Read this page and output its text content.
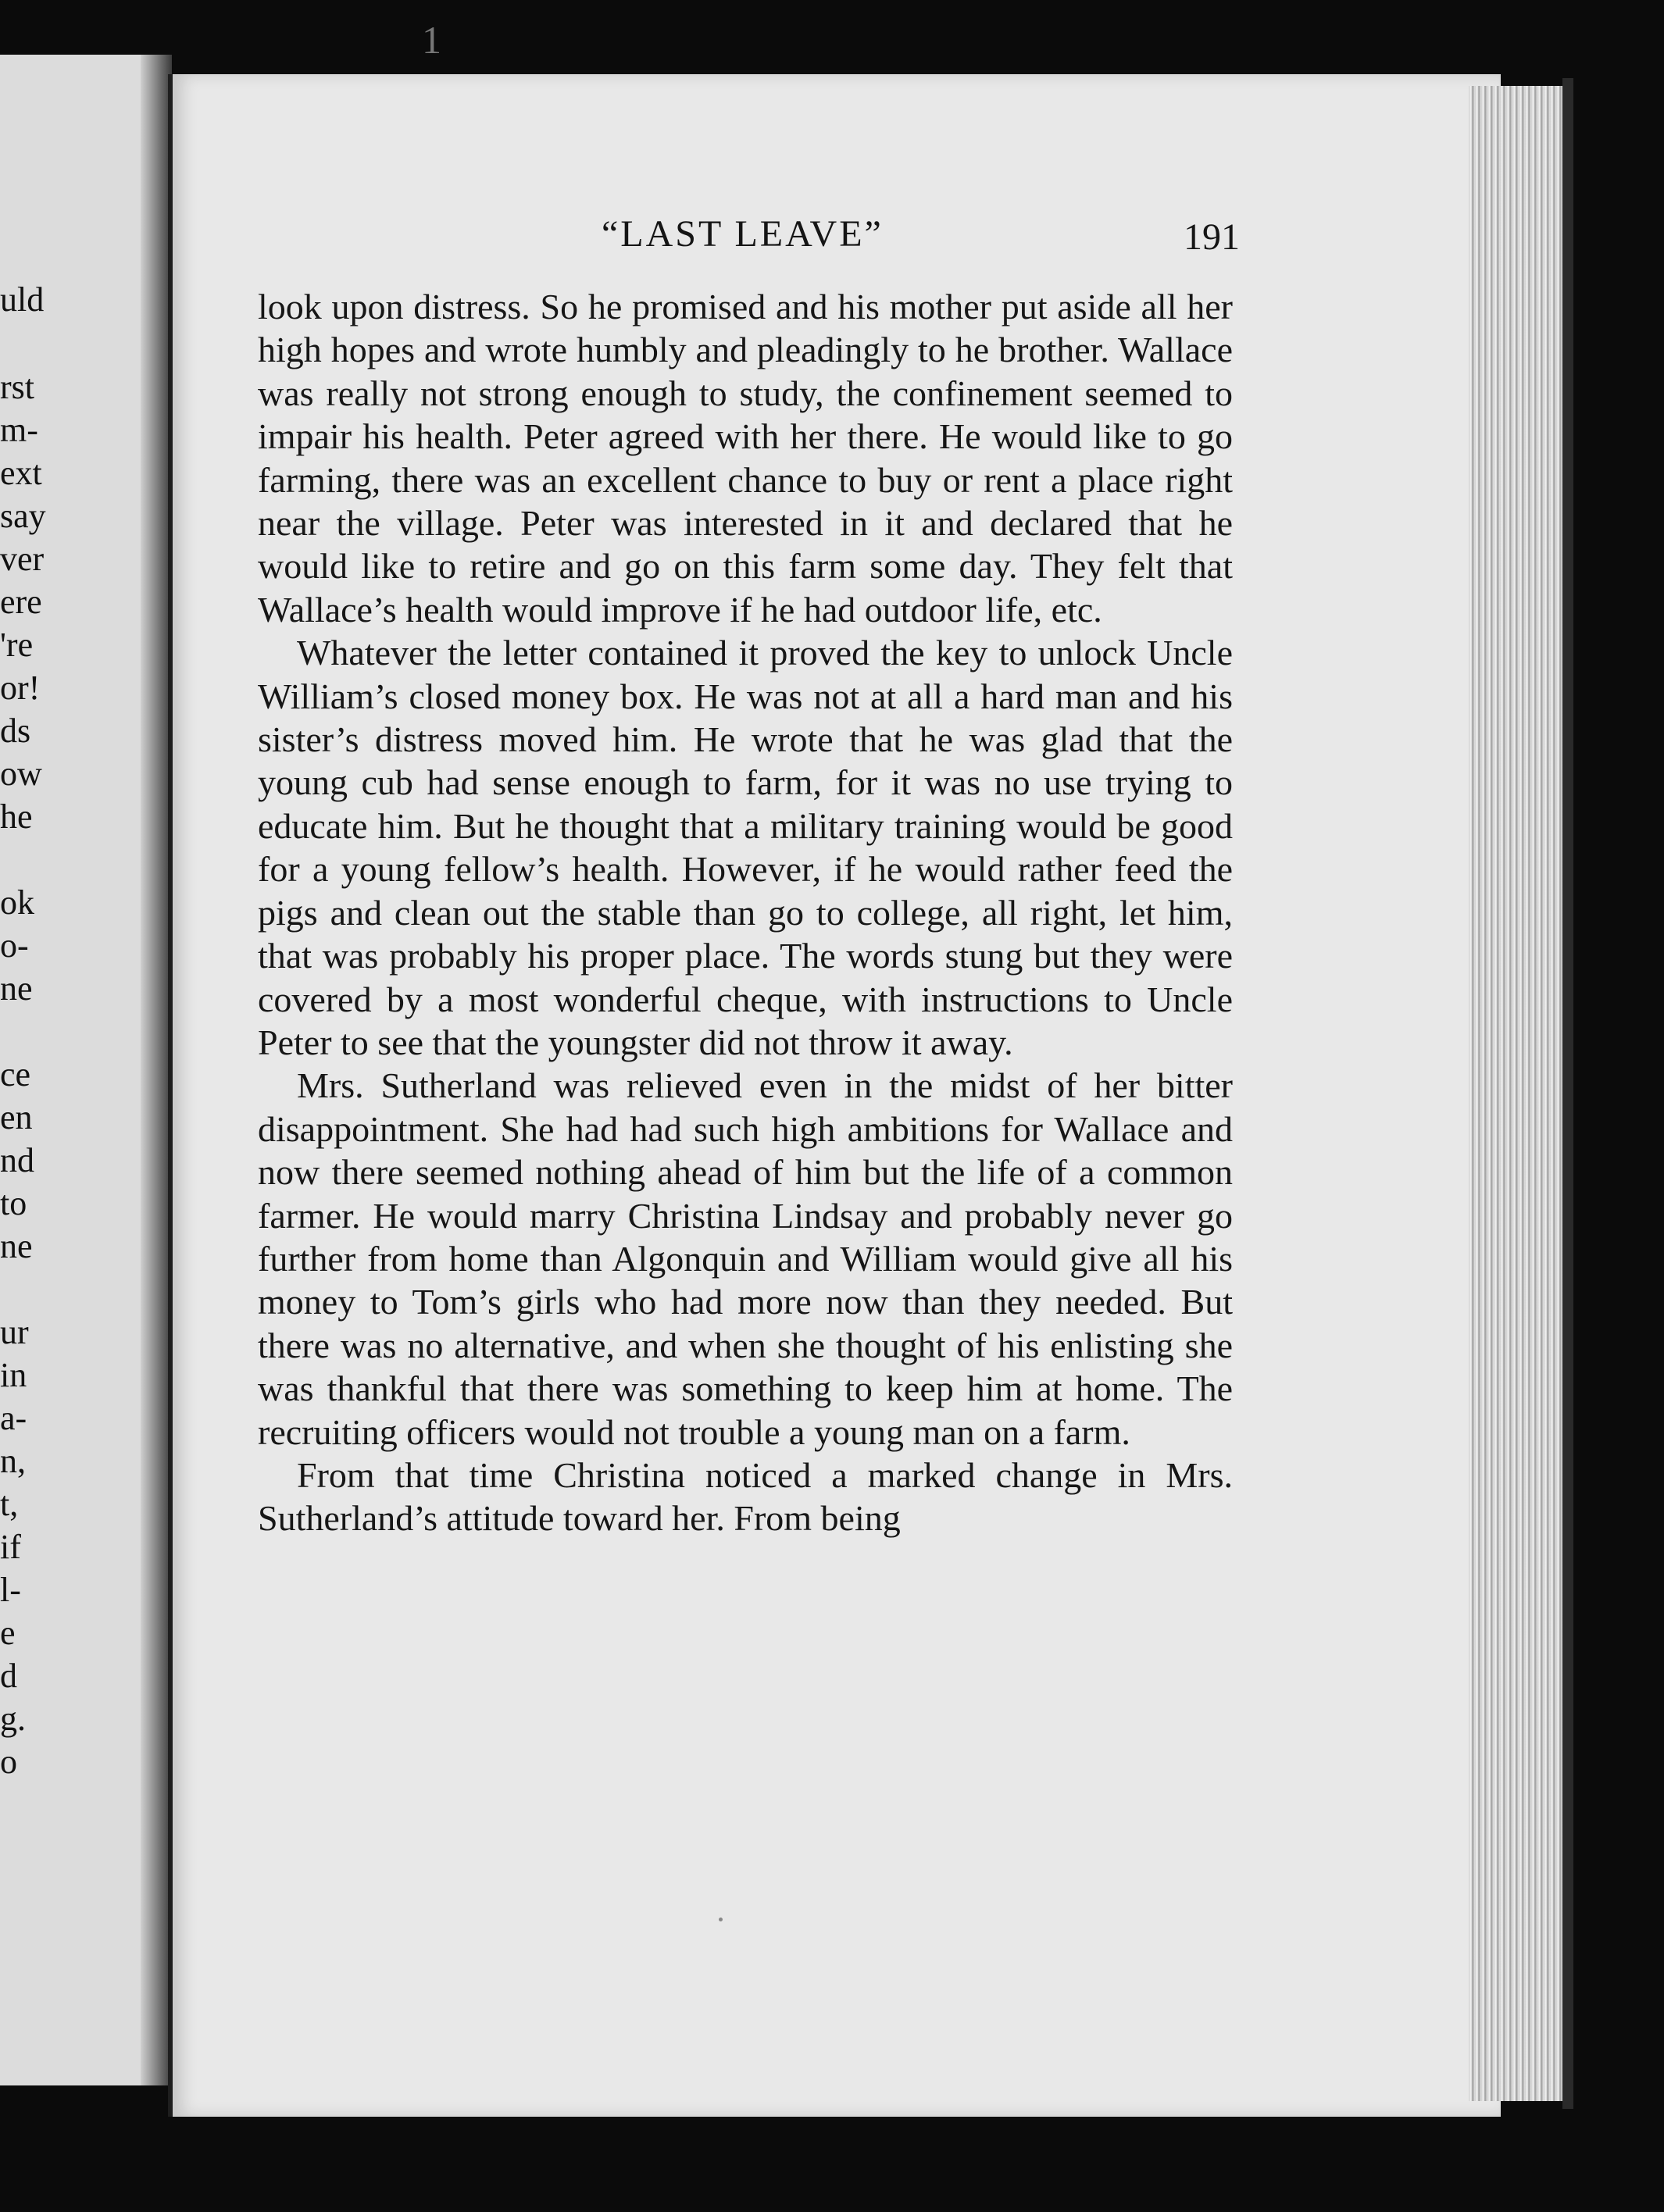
1

“LAST LEAVE”	191

look upon distress. So he promised and his mother put aside all her high hopes and wrote humbly and pleadingly to he brother. Wallace was really not strong enough to study, the confinement seemed to impair his health. Peter agreed with her there. He would like to go farming, there was an excellent chance to buy or rent a place right near the village. Peter was interested in it and declared that he would like to retire and go on this farm some day. They felt that Wallace’s health would improve if he had outdoor life, etc.

Whatever the letter contained it proved the key to unlock Uncle William’s closed money box. He was not at all a hard man and his sister’s distress moved him. He wrote that he was glad that the young cub had sense enough to farm, for it was no use trying to educate him. But he thought that a military training would be good for a young fellow’s health. However, if he would rather feed the pigs and clean out the stable than go to college, all right, let him, that was probably his proper place. The words stung but they were covered by a most wonderful cheque, with instructions to Uncle Peter to see that the youngster did not throw it away.

Mrs. Sutherland was relieved even in the midst of her bitter disappointment. She had had such high ambitions for Wallace and now there seemed nothing ahead of him but the life of a common farmer. He would marry Christina Lindsay and probably never go further from home than Algonquin and William would give all his money to Tom’s girls who had more now than they needed. But there was no alternative, and when she thought of his enlisting she was thankful that there was something to keep him at home. The recruiting officers would not trouble a young man on a farm.

From that time Christina noticed a marked change in Mrs. Sutherland’s attitude toward her. From being

uld

rst

m-

ext

say

ver

ere

're

or!

ds

ow

he

ok

o-

ne

ce

en

nd

to

ne

ur

in

a-

n,

t,

if

l-

e

d

g.

o
